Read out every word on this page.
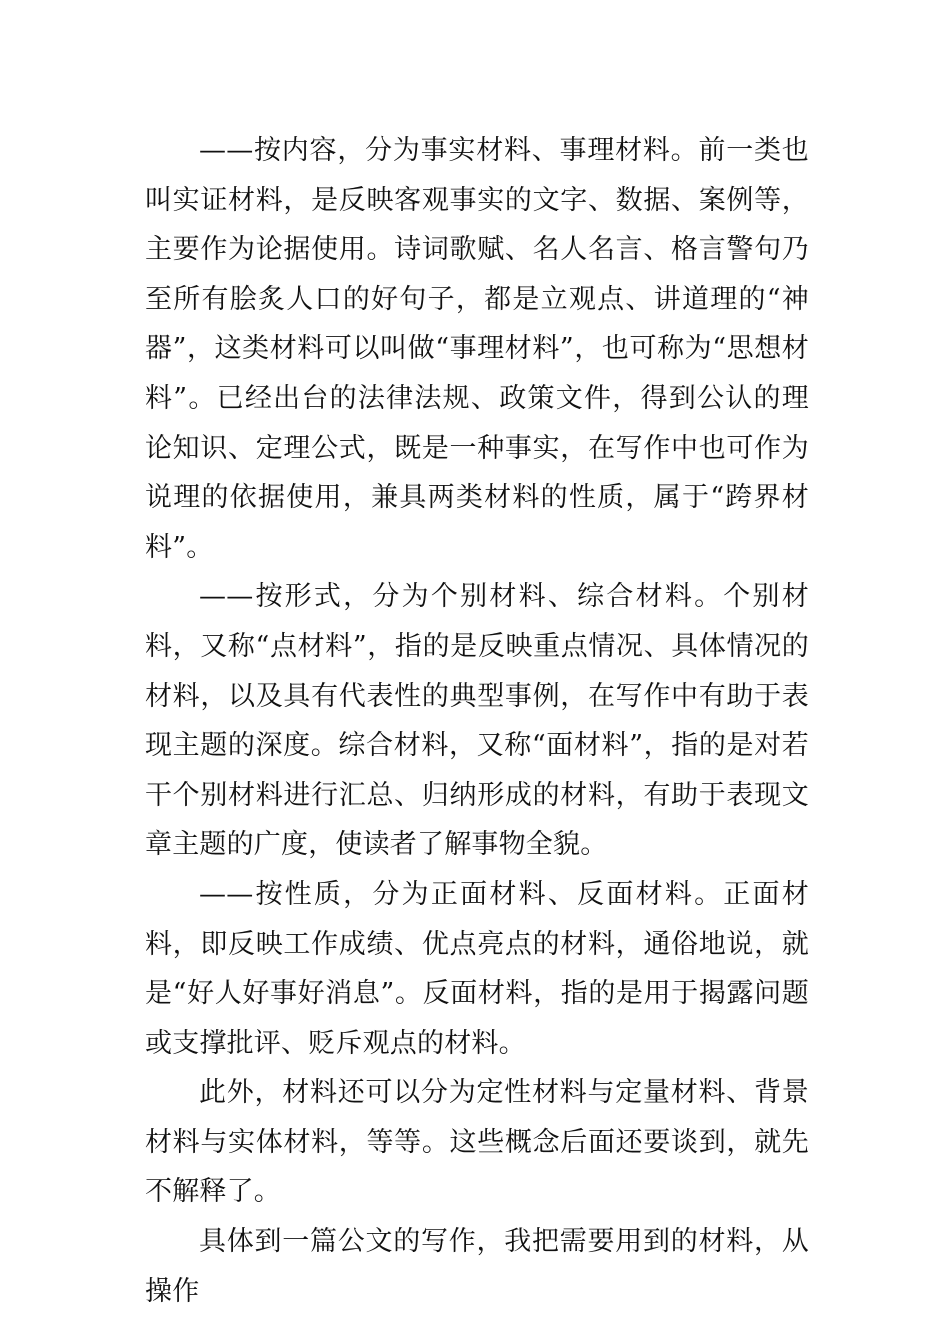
——按内容，分为事实材料、事理材料。前一类也叫实证材料，是反映客观事实的文字、数据、案例等，主要作为论据使用。诗词歌赋、名人名言、格言警句乃至所有脍炙人口的好句子，都是立观点、讲道理的“神器”，这类材料可以叫做“事理材料”，也可称为“思想材料”。已经出台的法律法规、政策文件，得到公认的理论知识、定理公式，既是一种事实，在写作中也可作为说理的依据使用，兼具两类材料的性质，属于“跨界材料”。

——按形式，分为个别材料、综合材料。个别材料，又称“点材料”，指的是反映重点情况、具体情况的材料，以及具有代表性的典型事例，在写作中有助于表现主题的深度。综合材料，又称“面材料”，指的是对若干个别材料进行汇总、归纳形成的材料，有助于表现文章主题的广度，使读者了解事物全貌。

——按性质，分为正面材料、反面材料。正面材料，即反映工作成绩、优点亮点的材料，通俗地说，就是“好人好事好消息”。反面材料，指的是用于揭露问题或支撑批评、贬斥观点的材料。

此外，材料还可以分为定性材料与定量材料、背景材料与实体材料，等等。这些概念后面还要谈到，就先不解释了。

具体到一篇公文的写作，我把需要用到的材料，从操作
